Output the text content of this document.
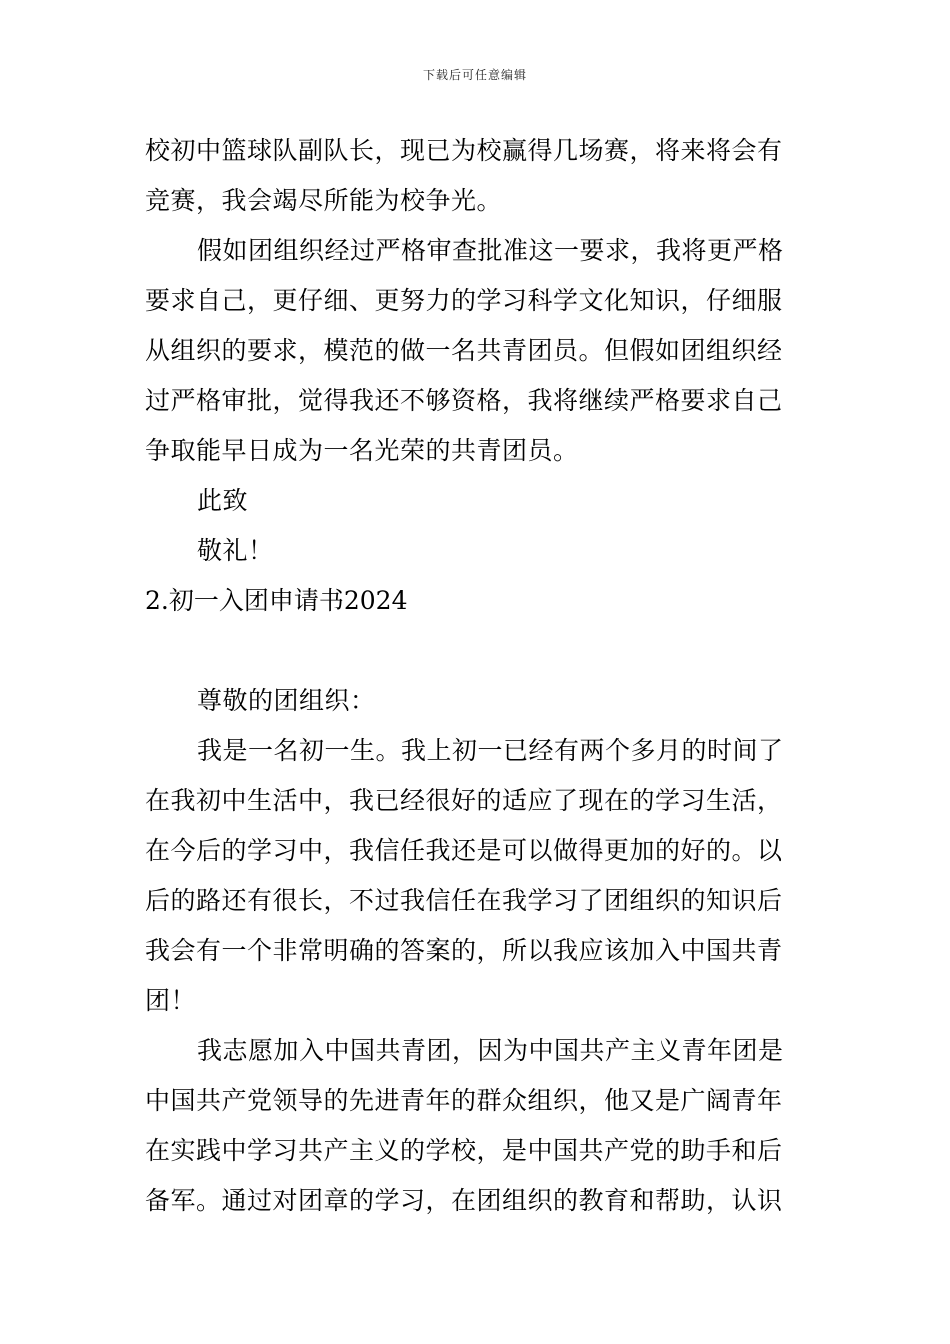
下载后可任意编辑
校初中篮球队副队长，现已为校赢得几场赛，将来将会有
竞赛，我会竭尽所能为校争光。
假如团组织经过严格审查批准这一要求，我将更严格
要求自己，更仔细、更努力的学习科学文化知识，仔细服
从组织的要求，模范的做一名共青团员。但假如团组织经
过严格审批，觉得我还不够资格，我将继续严格要求自己
争取能早日成为一名光荣的共青团员。
此致
敬礼！
2.初一入团申请书2024
尊敬的团组织：
我是一名初一生。我上初一已经有两个多月的时间了
在我初中生活中，我已经很好的适应了现在的学习生活，
在今后的学习中，我信任我还是可以做得更加的好的。以
后的路还有很长，不过我信任在我学习了团组织的知识后
我会有一个非常明确的答案的，所以我应该加入中国共青
团！
我志愿加入中国共青团，因为中国共产主义青年团是
中国共产党领导的先进青年的群众组织，他又是广阔青年
在实践中学习共产主义的学校，是中国共产党的助手和后
备军。通过对团章的学习，在团组织的教育和帮助，认识
